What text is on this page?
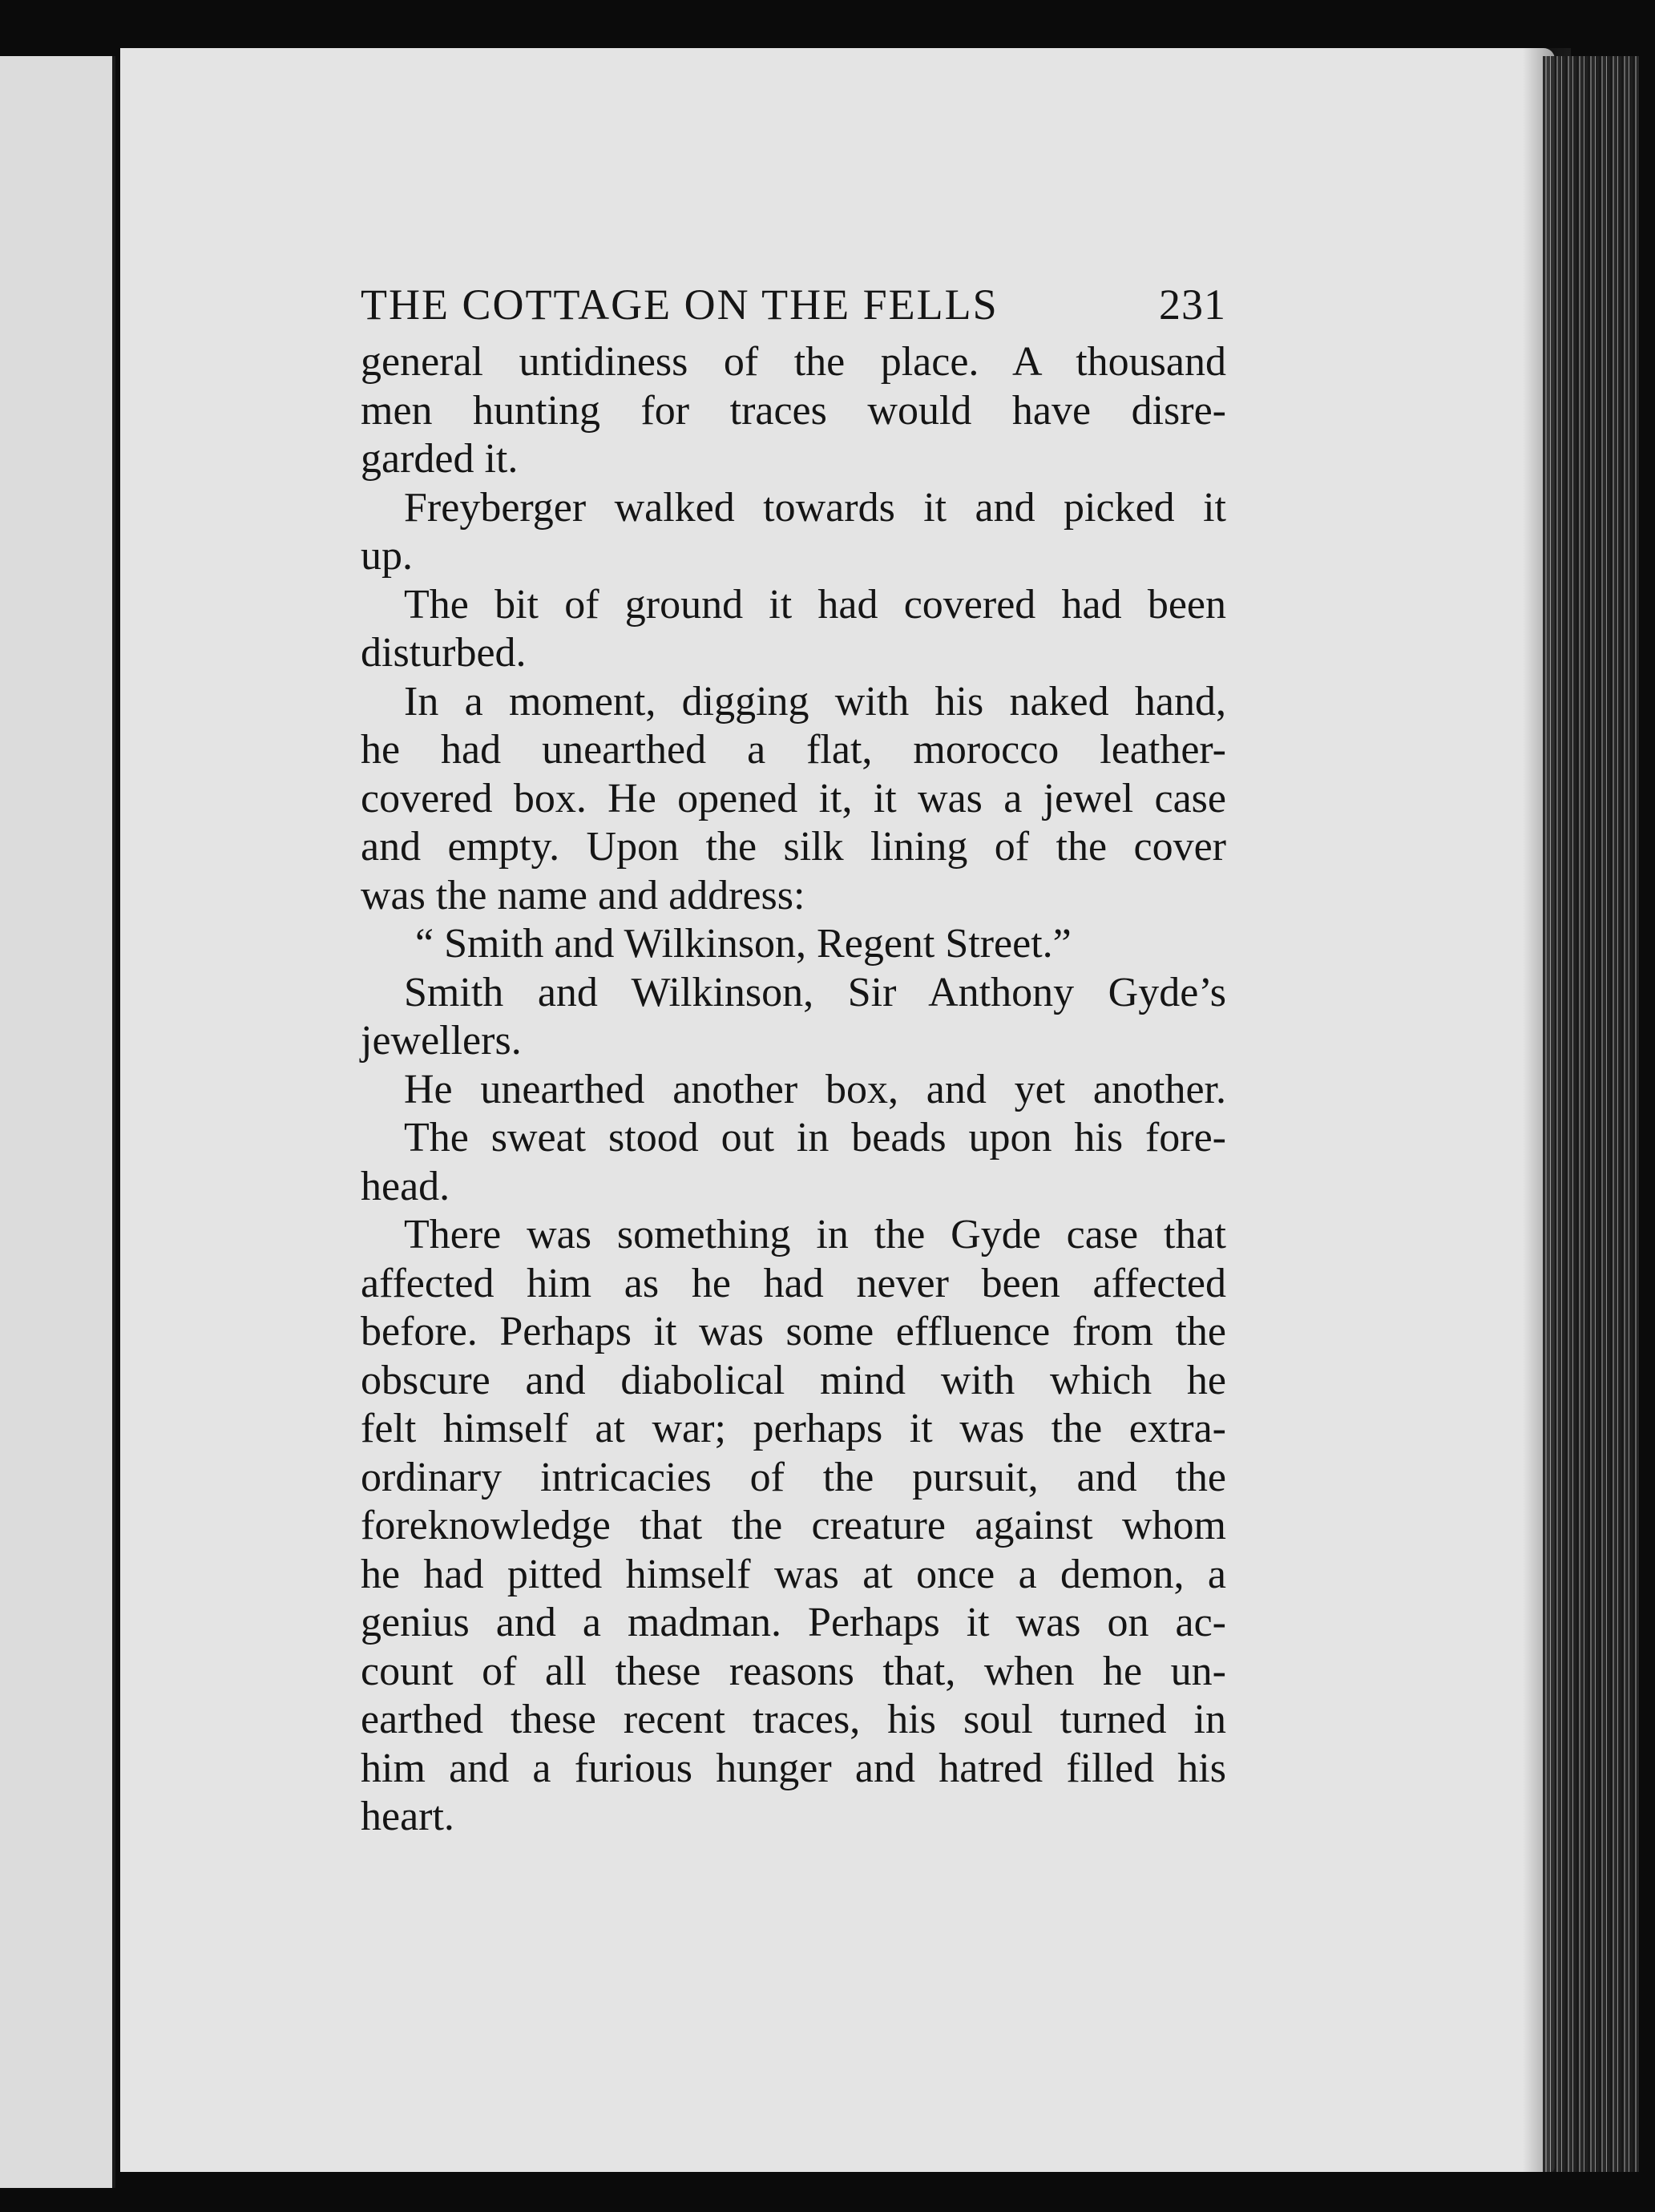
THE COTTAGE ON THE FELLS	231
general untidiness of the place. A thousand
men hunting for traces would have disre-
garded it.
Freyberger walked towards it and picked it
up.
The bit of ground it had covered had been
disturbed.
In a moment, digging with his naked hand,
he had unearthed a flat, morocco leather-
covered box. He opened it, it was a jewel case
and empty. Upon the silk lining of the cover
was the name and address:
“ Smith and Wilkinson, Regent Street.”
Smith and Wilkinson, Sir Anthony Gyde’s
jewellers.
He unearthed another box, and yet another.
The sweat stood out in beads upon his fore-
head.
There was something in the Gyde case that
affected him as he had never been affected
before. Perhaps it was some effluence from the
obscure and diabolical mind with which he
felt himself at war; perhaps it was the extra-
ordinary intricacies of the pursuit, and the
foreknowledge that the creature against whom
he had pitted himself was at once a demon, a
genius and a madman. Perhaps it was on ac-
count of all these reasons that, when he un-
earthed these recent traces, his soul turned in
him and a furious hunger and hatred filled his
heart.
